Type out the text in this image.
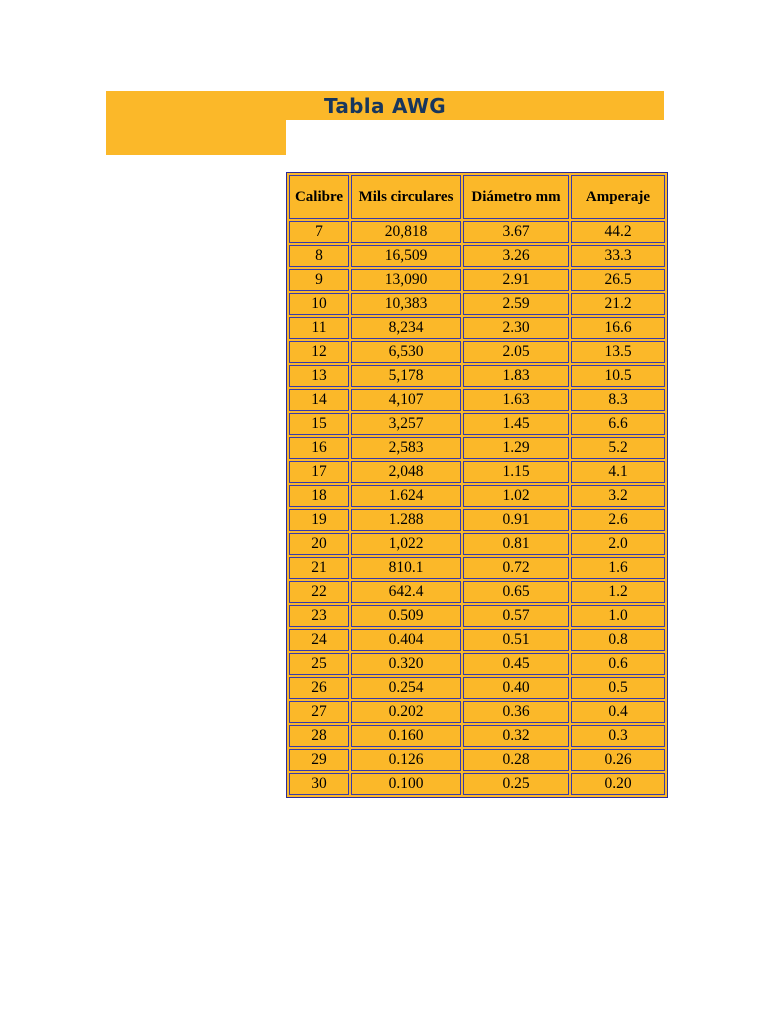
Tabla AWG
Calibre	Mils circulares	Diámetro mm	Amperaje
7	20,818	3.67	44.2
8	16,509	3.26	33.3
9	13,090	2.91	26.5
10	10,383	2.59	21.2
11	8,234	2.30	16.6
12	6,530	2.05	13.5
13	5,178	1.83	10.5
14	4,107	1.63	8.3
15	3,257	1.45	6.6
16	2,583	1.29	5.2
17	2,048	1.15	4.1
18	1.624	1.02	3.2
19	1.288	0.91	2.6
20	1,022	0.81	2.0
21	810.1	0.72	1.6
22	642.4	0.65	1.2
23	0.509	0.57	1.0
24	0.404	0.51	0.8
25	0.320	0.45	0.6
26	0.254	0.40	0.5
27	0.202	0.36	0.4
28	0.160	0.32	0.3
29	0.126	0.28	0.26
30	0.100	0.25	0.20
